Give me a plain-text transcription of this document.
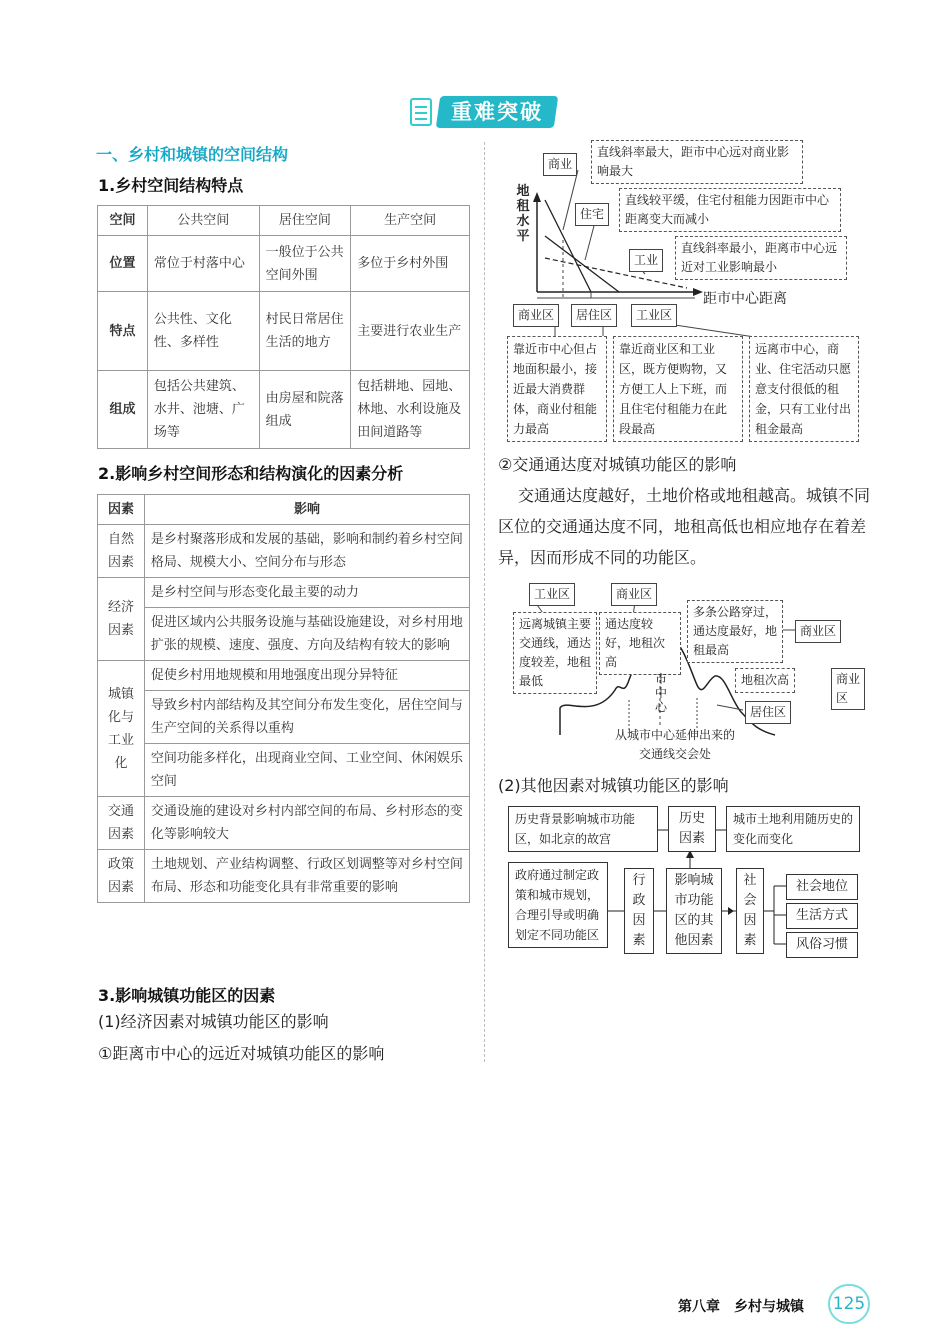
重难突破
一、乡村和城镇的空间结构
1.乡村空间结构特点
空间	公共空间	居住空间	生产空间
位置	常位于村落中心	一般位于公共空间外围	多位于乡村外围
特点	公共性、文化性、多样性	村民日常居住生活的地方	主要进行农业生产
组成	包括公共建筑、水井、池塘、广场等	由房屋和院落组成	包括耕地、园地、林地、水利设施及田间道路等
2.影响乡村空间形态和结构演化的因素分析
因素	影响
自然因素	是乡村聚落形成和发展的基础，影响和制约着乡村空间格局、规模大小、空间分布与形态
经济因素	是乡村空间与形态变化最主要的动力
	促进区域内公共服务设施与基础设施建设，对乡村用地扩张的规模、速度、强度、方向及结构有较大的影响
城镇化与工业化	促使乡村用地规模和用地强度出现分异特征
	导致乡村内部结构及其空间分布发生变化，居住空间与生产空间的关系得以重构
	空间功能多样化，出现商业空间、工业空间、休闲娱乐空间
交通因素	交通设施的建设对乡村内部空间的布局、乡村形态的变化等影响较大
政策因素	土地规划、产业结构调整、行政区划调整等对乡村空间布局、形态和功能变化具有非常重要的影响
3.影响城镇功能区的因素
(1)经济因素对城镇功能区的影响
①距离市中心的远近对城镇功能区的影响
地
租
水
平
距市中心距离
商业
直线斜率最大，距市中心远对商业影响最大
住宅
直线较平缓，住宅付租能力因距市中心距离变大而减小
工业
直线斜率最小，距离市中心远近对工业影响最小
商业区	居住区	工业区
靠近市中心但占地面积最小，接近最大消费群体，商业付租能力最高
靠近商业区和工业区，既方便购物，又方便工人上下班，而且住宅付租能力在此段最高
远离市中心，商业、住宅活动只愿意支付很低的租金，只有工业付出租金最高
②交通通达度对城镇功能区的影响
交通通达度越好，土地价格或地租越高。城镇不同区位的交通通达度不同，地租高低也相应地存在着差异，因而形成不同的功能区。
工业区	商业区
远离城镇主要交通线，通达度较差，地租最低
通达度较好，地租次高
多条公路穿过，通达度最好，地租最高
商业区
地租次高	商业区
居住区
市
中
心
从城市中心延伸出来的交通线交会处
(2)其他因素对城镇功能区的影响
历史背景影响城市功能区，如北京的故宫
历史因素
城市土地利用随历史的变化而变化
政府通过制定政策和城市规划，合理引导或明确划定不同功能区
行
政
因
素
影响城市功能区的其他因素
社
会
因
素
社会地位
生活方式
风俗习惯
第八章　乡村与城镇 125
